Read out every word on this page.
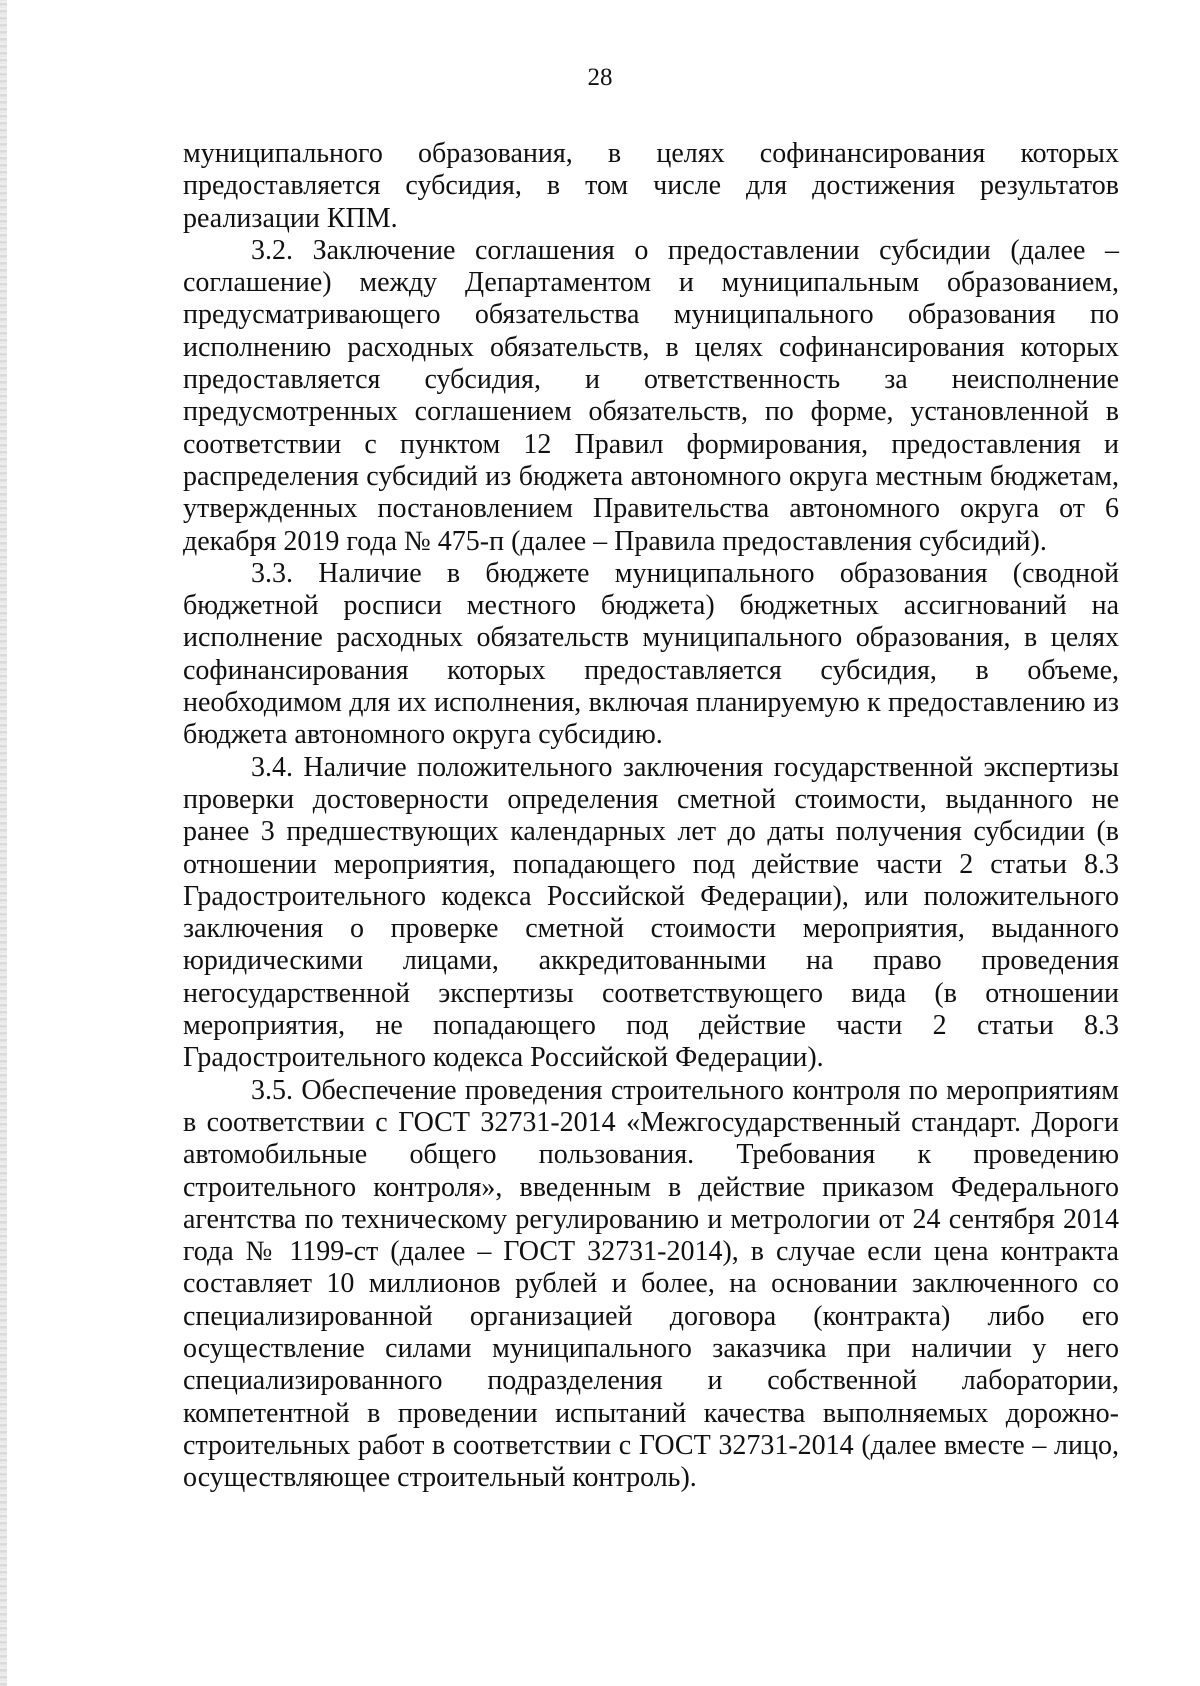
28

муниципального образования, в целях софинансирования которых предоставляется субсидия, в том числе для достижения результатов реализации КПМ.

3.2. Заключение соглашения о предоставлении субсидии (далее – соглашение) между Департаментом и муниципальным образованием, предусматривающего обязательства муниципального образования по исполнению расходных обязательств, в целях софинансирования которых предоставляется субсидия, и ответственность за неисполнение предусмотренных соглашением обязательств, по форме, установленной в соответствии с пунктом 12 Правил формирования, предоставления и распределения субсидий из бюджета автономного округа местным бюджетам, утвержденных постановлением Правительства автономного округа от 6 декабря 2019 года № 475-п (далее – Правила предоставления субсидий).

3.3. Наличие в бюджете муниципального образования (сводной бюджетной росписи местного бюджета) бюджетных ассигнований на исполнение расходных обязательств муниципального образования, в целях софинансирования которых предоставляется субсидия, в объеме, необходимом для их исполнения, включая планируемую к предоставлению из бюджета автономного округа субсидию.

3.4. Наличие положительного заключения государственной экспертизы проверки достоверности определения сметной стоимости, выданного не ранее 3 предшествующих календарных лет до даты получения субсидии (в отношении мероприятия, попадающего под действие части 2 статьи 8.3 Градостроительного кодекса Российской Федерации), или положительного заключения о проверке сметной стоимости мероприятия, выданного юридическими лицами, аккредитованными на право проведения негосударственной экспертизы соответствующего вида (в отношении мероприятия, не попадающего под действие части 2 статьи 8.3 Градостроительного кодекса Российской Федерации).

3.5. Обеспечение проведения строительного контроля по мероприятиям в соответствии с ГОСТ 32731-2014 «Межгосударственный стандарт. Дороги автомобильные общего пользования. Требования к проведению строительного контроля», введенным в действие приказом Федерального агентства по техническому регулированию и метрологии от 24 сентября 2014 года № 1199-ст (далее – ГОСТ 32731-2014), в случае если цена контракта составляет 10 миллионов рублей и более, на основании заключенного со специализированной организацией договора (контракта) либо его осуществление силами муниципального заказчика при наличии у него специализированного подразделения и собственной лаборатории, компетентной в проведении испытаний качества выполняемых дорожно-строительных работ в соответствии с ГОСТ 32731-2014 (далее вместе – лицо, осуществляющее строительный контроль).
